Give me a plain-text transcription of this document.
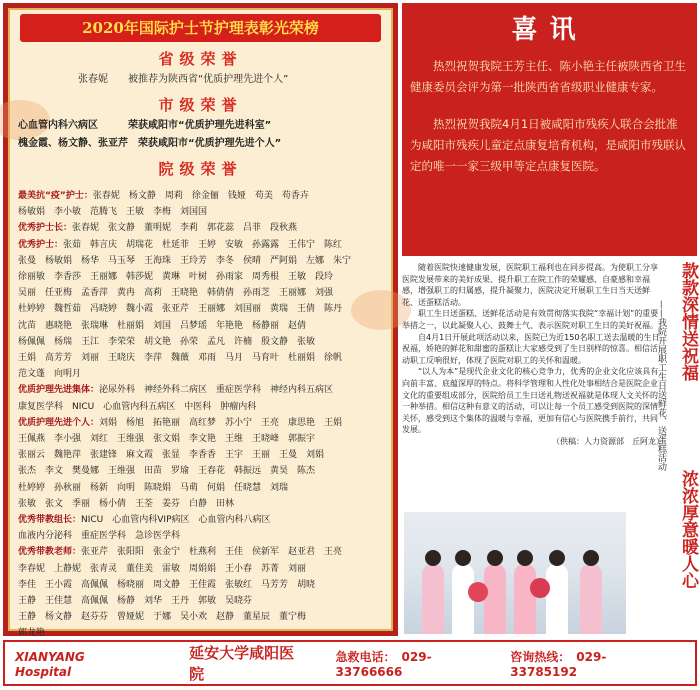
2020年国际护士节护理表彰光荣榜
省级荣誉
张春妮　　被推荐为陕西省“优质护理先进个人”
市级荣誉
心血管内科六病区　　　荣获咸阳市“优质护理先进科室”
槐金霞、杨文静、张亚芹　荣获咸阳市“优质护理先进个人”
院级荣誉
最美抗“疫”护士：张春妮　杨文静　周莉　徐金俪　钱娅　苟美　苟香卉
杨敏娟　李小敏　范腾飞　王敏　李梅　刘国国
优秀护士长：张春妮　张文静　董明妮　李莉　郭花蕊　吕菲　段秋燕
优秀护士：张茹　韩言庆　胡瑞花　杜延菲　王婷　安敏　孙露露　王伟宁　陈红
张曼　杨敏娟　杨华　马玉琴　王海珠　王玲芳　李冬　侯晴　严阿娟　左娜　朱宁
徐丽敏　李香莎　王丽娜　韩莎妮　黄琳　叶树　孙雨家　周秀根　王敏　段玲
吴丽　任亚梅　孟香萍　黄冉　高莉　王晓艳　韩倩倩　孙雨芝　王丽娜　刘强
杜婷婷　魏哲茹　冯晓婷　魏小霞　张亚芹　王丽娜　刘国丽　黄瑞　王倩　陈丹
沈苗　惠晓艳　张瑞琳　杜丽娟　刘国　吕梦瑶　年艳艳　杨静丽　赵倩
杨佩佩　杨瑞　王江　李荣荣　胡文艳　孙荣　孟凡　许楠　殷文静　张敏
王娟　高芳芳　刘丽　王晓庆　李萍　魏薇　邓雨　马月　马育叶　杜丽娟　徐帆
范文蓬　向明月
优质护理先进集体：泌尿外科　神经外科二病区　重症医学科　神经内科五病区
康复医学科　NICU　心血管内科五病区　中医科　肿瘤内科
优质护理先进个人：刘娟　杨旭　拓艳丽　高红梦　苏小宁　王亮　康思艳　王娟
王佩燕　李小强　刘红　王维强　张文娟　李文艳　王维　王晓峰　郭振宇
张丽云　魏艳萍　张建锋　麻文霞　张显　李香香　王宇　王丽　王曼　刘娟
张杰　李文　樊曼娜　王维强　田苗　罗瑜　王春花　韩振远　黄昊　陈杰
杜婷婷　孙秋丽　杨新　向明　陈晓娟　马萌　何娟　任晓慧　刘瑞
张敏　张文　季丽　杨小倩　王荃　姜芬　白静　田林
优秀带教组长：NICU　心血管内科VIP病区　心血管内科八病区
血液内分泌科　重症医学科　急诊医学科
优秀带教老师：张亚芹　张阳阳　张金宁　杜燕利　王佳　侯新军　赵亚君　王亮
李春妮　上静妮　张青灵　董佳美　雷敏　周娟娟　王小春　苏菁　刘丽
李佳　王小霞　高佩佩　杨晓丽　周文静　王佳霞　张敏红　马芳芳　胡晓
王静　王佳慧　高佩佩　杨静　刘华　王丹　郭敏　吴晓芬
王静　杨文静　赵芬芬　曾娅妮　于娜　吴小欢　赵静　董星辰　董宁梅
郭龙艳
喜讯

热烈祝贺我院王芳主任、陈小艳主任被陕西省卫生健康委员会评为第一批陕西省省级职业健康专家。

热烈祝贺我院4月1日被咸阳市残疾人联合会批准为咸阳市残疾儿童定点康复培育机构，是咸阳市残联认定的唯一一家三级甲等定点康复医院。

随着医院快速健康发展，医院职工福利也在同步提高。为使职工分享医院发展带来的美好成果、提升职工在院工作的荣耀感、自豪感和幸福感，增强职工的归属感，提升凝聚力，医院决定开展职工生日当天送鲜花、送蛋糕活动。

职工生日送蛋糕、送鲜花活动是有效贯彻落实我院“幸福计划”的重要举措之一，以此凝聚人心、鼓舞士气、表示医院对职工生日的美好祝福。

自4月1日开展此项活动以来，医院已为近150名职工送去温暖的生日祝福，娇艳的鲜花和甜蜜的蛋糕让大家感受到了生日别样的惊喜。相信活动职工反响很好，体现了医院对职工的关怀和温暖。

“以人为本”是现代企业文化的核心竞争力，优秀的企业文化应该具有向前丰富、底蕴深厚的特点。将科学管理和人性化处事相结合是医院企业文化的重要组成部分，医院给员工生日送礼物送祝福就是体现人文关怀的一种举措。相信这种有意义的活动，可以让每一个员工感受到医院的深情关怀，感受到这个集体的温暖与幸福，更加有信心与医院携手前行，共同发展。

（供稿：人力资源部　丘阿龙）
款款深情送祝福
浓浓厚意暖人心
——我院开展职工生日送鲜花、送蛋糕活动
XIANYANG　Hospital
延安大学咸阳医院
急救电话：　029-33766666
咨询热线：　029-33785192
